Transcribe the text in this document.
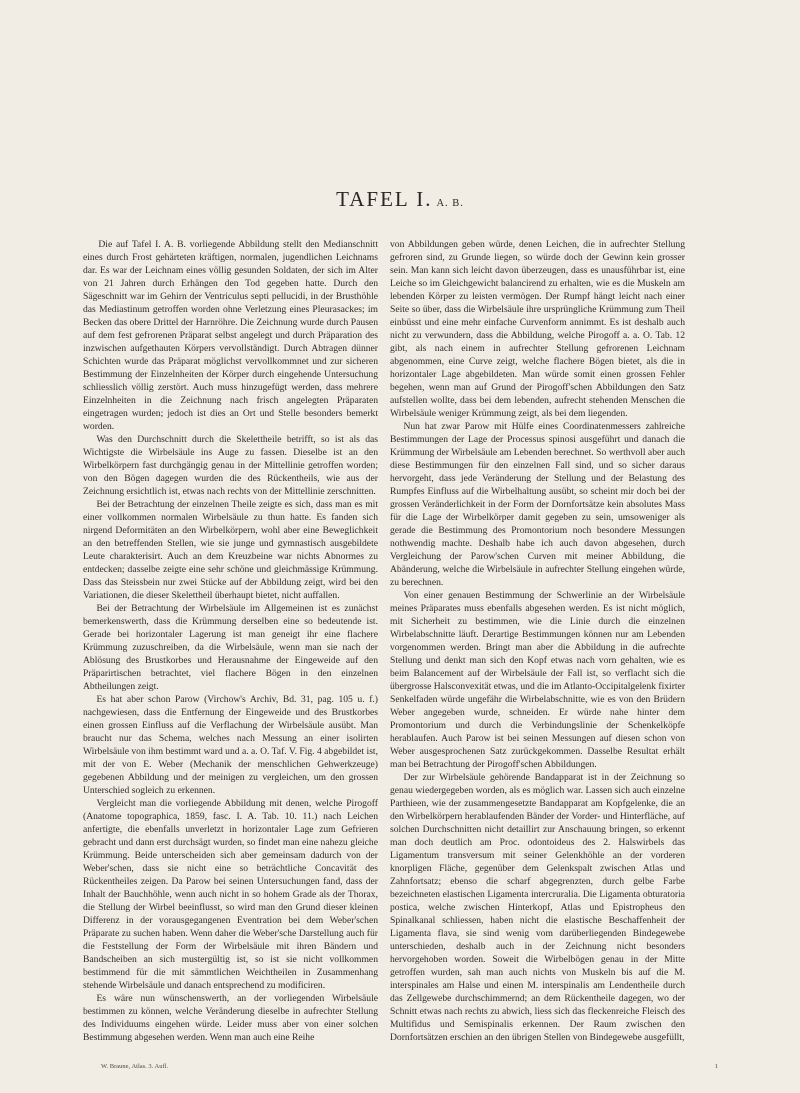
TAFEL I. A. B.

Die auf Tafel I. A. B. vorliegende Abbildung stellt den Medianschnitt eines durch Frost gehärteten kräftigen, normalen, jugendlichen Leichnams dar. Es war der Leichnam eines völlig gesunden Soldaten, der sich im Alter von 21 Jahren durch Erhängen den Tod gegeben hatte. Durch den Sägeschnitt war im Gehirn der Ventriculus septi pellucidi, in der Brusthöhle das Mediastinum getroffen worden ohne Verletzung eines Pleurasackes; im Becken das obere Drittel der Harnröhre. Die Zeichnung wurde durch Pausen auf dem fest gefrorenen Präparat selbst angelegt und durch Präparation des inzwischen aufgethauten Körpers vervollständigt. Durch Abtragen dünner Schichten wurde das Präparat möglichst vervollkommnet und zur sicheren Bestimmung der Einzelnheiten der Körper durch eingehende Untersuchung schliesslich völlig zerstört. Auch muss hinzugefügt werden, dass mehrere Einzelnheiten in die Zeichnung nach frisch angelegten Präparaten eingetragen wurden; jedoch ist dies an Ort und Stelle besonders bemerkt worden.

Was den Durchschnitt durch die Skelettheile betrifft, so ist als das Wichtigste die Wirbelsäule ins Auge zu fassen. Dieselbe ist an den Wirbelkörpern fast durchgängig genau in der Mittellinie getroffen worden; von den Bögen dagegen wurden die des Rückentheils, wie aus der Zeichnung ersichtlich ist, etwas nach rechts von der Mittellinie zerschnitten.

Bei der Betrachtung der einzelnen Theile zeigte es sich, dass man es mit einer vollkommen normalen Wirbelsäule zu thun hatte. Es fanden sich nirgend Deformitäten an den Wirbelkörpern, wohl aber eine Beweglichkeit an den betreffenden Stellen, wie sie junge und gymnastisch ausgebildete Leute charakterisirt. Auch an dem Kreuzbeine war nichts Abnormes zu entdecken; dasselbe zeigte eine sehr schöne und gleichmässige Krümmung. Dass das Steissbein nur zwei Stücke auf der Abbildung zeigt, wird bei den Variationen, die dieser Skelettheil überhaupt bietet, nicht auffallen.

Bei der Betrachtung der Wirbelsäule im Allgemeinen ist es zunächst bemerkenswerth, dass die Krümmung derselben eine so bedeutende ist. Gerade bei horizontaler Lagerung ist man geneigt ihr eine flachere Krümmung zuzuschreiben, da die Wirbelsäule, wenn man sie nach der Ablösung des Brustkorbes und Herausnahme der Eingeweide auf den Präparirtischen betrachtet, viel flachere Bögen in den einzelnen Abtheilungen zeigt.

Es hat aber schon Parow (Virchow's Archiv, Bd. 31, pag. 105 u. f.) nachgewiesen, dass die Entfernung der Eingeweide und des Brustkorbes einen grossen Einfluss auf die Verflachung der Wirbelsäule ausübt. Man braucht nur das Schema, welches nach Messung an einer isolirten Wirbelsäule von ihm bestimmt ward und a. a. O. Taf. V. Fig. 4 abgebildet ist, mit der von E. Weber (Mechanik der menschlichen Gehwerkzeuge) gegebenen Abbildung und der meinigen zu vergleichen, um den grossen Unterschied sogleich zu erkennen.

Vergleicht man die vorliegende Abbildung mit denen, welche Pirogoff (Anatome topographica, 1859, fasc. I. A. Tab. 10. 11.) nach Leichen anfertigte, die ebenfalls unverletzt in horizontaler Lage zum Gefrieren gebracht und dann erst durchsägt wurden, so findet man eine nahezu gleiche Krümmung. Beide unterscheiden sich aber gemeinsam dadurch von der Weber'schen, dass sie nicht eine so beträchtliche Concavität des Rückentheiles zeigen. Da Parow bei seinen Untersuchungen fand, dass der Inhalt der Bauchhöhle, wenn auch nicht in so hohem Grade als der Thorax, die Stellung der Wirbel beeinflusst, so wird man den Grund dieser kleinen Differenz in der vorausgegangenen Eventration bei dem Weber'schen Präparate zu suchen haben. Wenn daher die Weber'sche Darstellung auch für die Feststellung der Form der Wirbelsäule mit ihren Bändern und Bandscheiben an sich mustergültig ist, so ist sie nicht vollkommen bestimmend für die mit sämmtlichen Weichtheilen in Zusammenhang stehende Wirbelsäule und danach entsprechend zu modificiren.

Es wäre nun wünschenswerth, an der vorliegenden Wirbelsäule bestimmen zu können, welche Veränderung dieselbe in aufrechter Stellung des Individuums eingehen würde. Leider muss aber von einer solchen Bestimmung abgesehen werden. Wenn man auch eine Reihe

von Abbildungen geben würde, denen Leichen, die in aufrechter Stellung gefroren sind, zu Grunde liegen, so würde doch der Gewinn kein grosser sein. Man kann sich leicht davon überzeugen, dass es unausführbar ist, eine Leiche so im Gleichgewicht balancirend zu erhalten, wie es die Muskeln am lebenden Körper zu leisten vermögen. Der Rumpf hängt leicht nach einer Seite so über, dass die Wirbelsäule ihre ursprüngliche Krümmung zum Theil einbüsst und eine mehr einfache Curvenform annimmt. Es ist deshalb auch nicht zu verwundern, dass die Abbildung, welche Pirogoff a. a. O. Tab. 12 gibt, als nach einem in aufrechter Stellung gefrorenen Leichnam abgenommen, eine Curve zeigt, welche flachere Bögen bietet, als die in horizontaler Lage abgebildeten. Man würde somit einen grossen Fehler begehen, wenn man auf Grund der Pirogoff'schen Abbildungen den Satz aufstellen wollte, dass bei dem lebenden, aufrecht stehenden Menschen die Wirbelsäule weniger Krümmung zeigt, als bei dem liegenden.

Nun hat zwar Parow mit Hülfe eines Coordinatenmessers zahlreiche Bestimmungen der Lage der Processus spinosi ausgeführt und danach die Krümmung der Wirbelsäule am Lebenden berechnet. So werthvoll aber auch diese Bestimmungen für den einzelnen Fall sind, und so sicher daraus hervorgeht, dass jede Veränderung der Stellung und der Belastung des Rumpfes Einfluss auf die Wirbelhaltung ausübt, so scheint mir doch bei der grossen Veränderlichkeit in der Form der Dornfortsätze kein absolutes Mass für die Lage der Wirbelkörper damit gegeben zu sein, umsoweniger als gerade die Bestimmung des Promontorium noch besondere Messungen nothwendig machte. Deshalb habe ich auch davon abgesehen, durch Vergleichung der Parow'schen Curven mit meiner Abbildung, die Abänderung, welche die Wirbelsäule in aufrechter Stellung eingehen würde, zu berechnen.

Von einer genauen Bestimmung der Schwerlinie an der Wirbelsäule meines Präparates muss ebenfalls abgesehen werden. Es ist nicht möglich, mit Sicherheit zu bestimmen, wie die Linie durch die einzelnen Wirbelabschnitte läuft. Derartige Bestimmungen können nur am Lebenden vorgenommen werden. Bringt man aber die Abbildung in die aufrechte Stellung und denkt man sich den Kopf etwas nach vorn gehalten, wie es beim Balancement auf der Wirbelsäule der Fall ist, so verflacht sich die übergrosse Halsconvexität etwas, und die im Atlanto-Occipitalgelenk fixirter Senkelfaden würde ungefähr die Wirbelabschnitte, wie es von den Brüdern Weber angegeben wurde, schneiden. Er würde nahe hinter dem Promontorium und durch die Verbindungslinie der Schenkelköpfe herablaufen. Auch Parow ist bei seinen Messungen auf diesen schon von Weber ausgesprochenen Satz zurückgekommen. Dasselbe Resultat erhält man bei Betrachtung der Pirogoff'schen Abbildungen.

Der zur Wirbelsäule gehörende Bandapparat ist in der Zeichnung so genau wiedergegeben worden, als es möglich war. Lassen sich auch einzelne Parthieen, wie der zusammengesetzte Bandapparat am Kopfgelenke, die an den Wirbelkörpern herablaufenden Bänder der Vorder- und Hinterfläche, auf solchen Durchschnitten nicht detaillirt zur Anschauung bringen, so erkennt man doch deutlich am Proc. odontoideus des 2. Halswirbels das Ligamentum transversum mit seiner Gelenkhöhle an der vorderen knorpligen Fläche, gegenüber dem Gelenkspalt zwischen Atlas und Zahnfortsatz; ebenso die scharf abgegrenzten, durch gelbe Farbe bezeichneten elastischen Ligamenta intercruralia. Die Ligamenta obturatoria postica, welche zwischen Hinterkopf, Atlas und Epistropheus den Spinalkanal schliessen, haben nicht die elastische Beschaffenheit der Ligamenta flava, sie sind wenig vom darüberliegenden Bindegewebe unterschieden, deshalb auch in der Zeichnung nicht besonders hervorgehoben worden. Soweit die Wirbelbögen genau in der Mitte getroffen wurden, sah man auch nichts von Muskeln bis auf die M. interspinales am Halse und einen M. interspinalis am Lendentheile durch das Zellgewebe durchschimmernd; an dem Rückentheile dagegen, wo der Schnitt etwas nach rechts zu abwich, liess sich das fleckenreiche Fleisch des Multifidus und Semispinalis erkennen. Der Raum zwischen den Dornfortsätzen erschien an den übrigen Stellen von Bindegewebe ausgefüllt,

W. Braune, Atlas. 3. Aufl.	1
